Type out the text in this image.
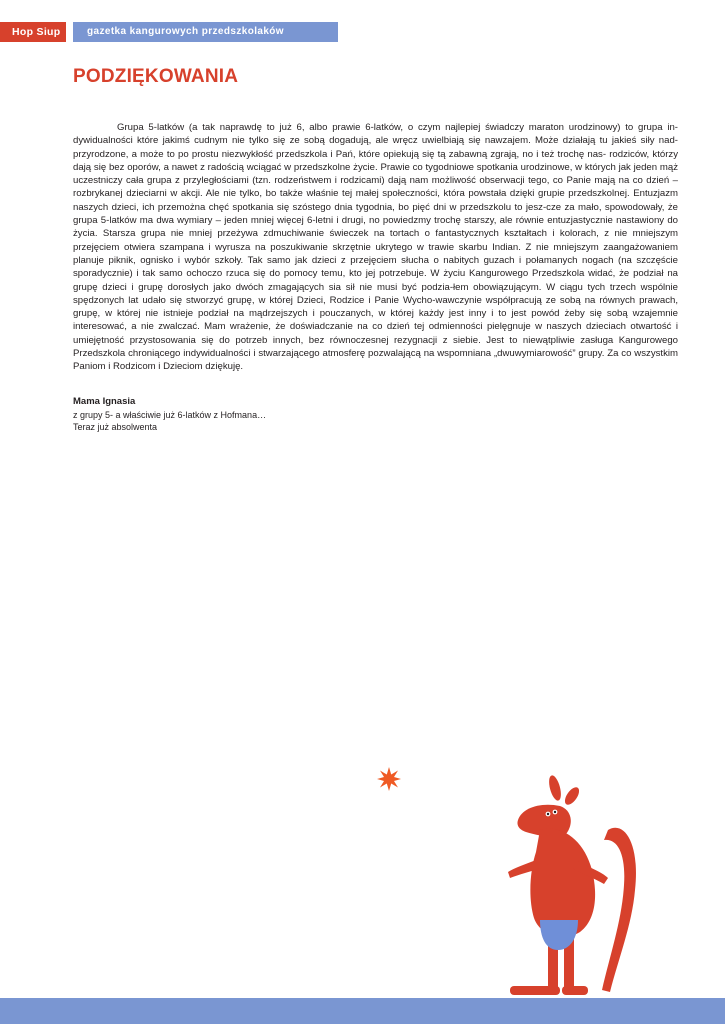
Hop Siup	gazetka kangurowych przedszkolaków
PODZIĘKOWANIA

Grupa 5-latków (a tak naprawdę to już 6, albo prawie 6-latków, o czym najlepiej świadczy maraton urodzinowy) to grupa in-dywidualności które jakimś cudnym nie tylko się ze sobą dogadują, ale wręcz uwielbiają się nawzajem. Może działają tu jakieś siły nad-przyrodzone, a może to po prostu niezwykłość przedszkola i Pań, które opiekują się tą zabawną zgrają, no i też trochę nas- rodziców, którzy dają się bez oporów, a nawet z radością wciągać w przedszkolne życie. Prawie co tygodniowe spotkania urodzinowe, w których jak jeden mąż uczestniczy cała grupa z przyległościami (tzn. rodzeństwem i rodzicami) dają nam możliwość obserwacji tego, co Panie mają na co dzień – rozbrykanej dzieciarni w akcji. Ale nie tylko, bo także właśnie tej małej społeczności, która powstała dzięki grupie przedszkolnej. Entuzjazm naszych dzieci, ich przemożna chęć spotkania się szóstego dnia tygodnia, bo pięć dni w przedszkolu to jesz-cze za mało, spowodowały, że grupa 5-latków ma dwa wymiary – jeden mniej więcej 6-letni i drugi, no powiedzmy trochę starszy, ale równie entuzjastycznie nastawiony do życia. Starsza grupa nie mniej przeżywa zdmuchiwanie świeczek na tortach o fantastycznych kształtach i kolorach, z nie mniejszym przejęciem otwiera szampana i wyrusza na poszukiwanie skrzętnie ukrytego w trawie skarbu Indian. Z nie mniejszym zaangażowaniem planuje piknik, ognisko i wybór szkoły. Tak samo jak dzieci z przejęciem słucha o nabitych guzach i połamanych nogach (na szczęście sporadycznie) i tak samo ochoczo rzuca się do pomocy temu, kto jej potrzebuje. W życiu Kangurowego Przedszkola widać, że podział na grupę dzieci i grupę dorosłych jako dwóch zmagających sia sił nie musi być podzia-łem obowiązującym. W ciągu tych trzech wspólnie spędzonych lat udało się stworzyć grupę, w której Dzieci, Rodzice i Panie Wycho-wawczynie współpracują ze sobą na równych prawach, grupę, w której nie istnieje podział na mądrzejszych i pouczanych, w której każdy jest inny i to jest powód żeby się sobą wzajemnie interesować, a nie zwalczać. Mam wrażenie, że doświadczanie na co dzień tej odmienności pielęgnuje w naszych dzieciach otwartość i umiejętność przystosowania się do potrzeb innych, bez równoczesnej rezygnacji z siebie. Jest to niewątpliwie zasługa Kangurowego Przedszkola chroniącego indywidualności i stwarzającego atmosferę pozwalającą na wspomniana „dwuwymiarowość” grupy. Za co wszystkim Paniom i Rodzicom i Dzieciom dziękuję.

Mama Ignasia
z grupy 5- a właściwie już 6-latków z Hofmana…
Teraz już absolwenta
